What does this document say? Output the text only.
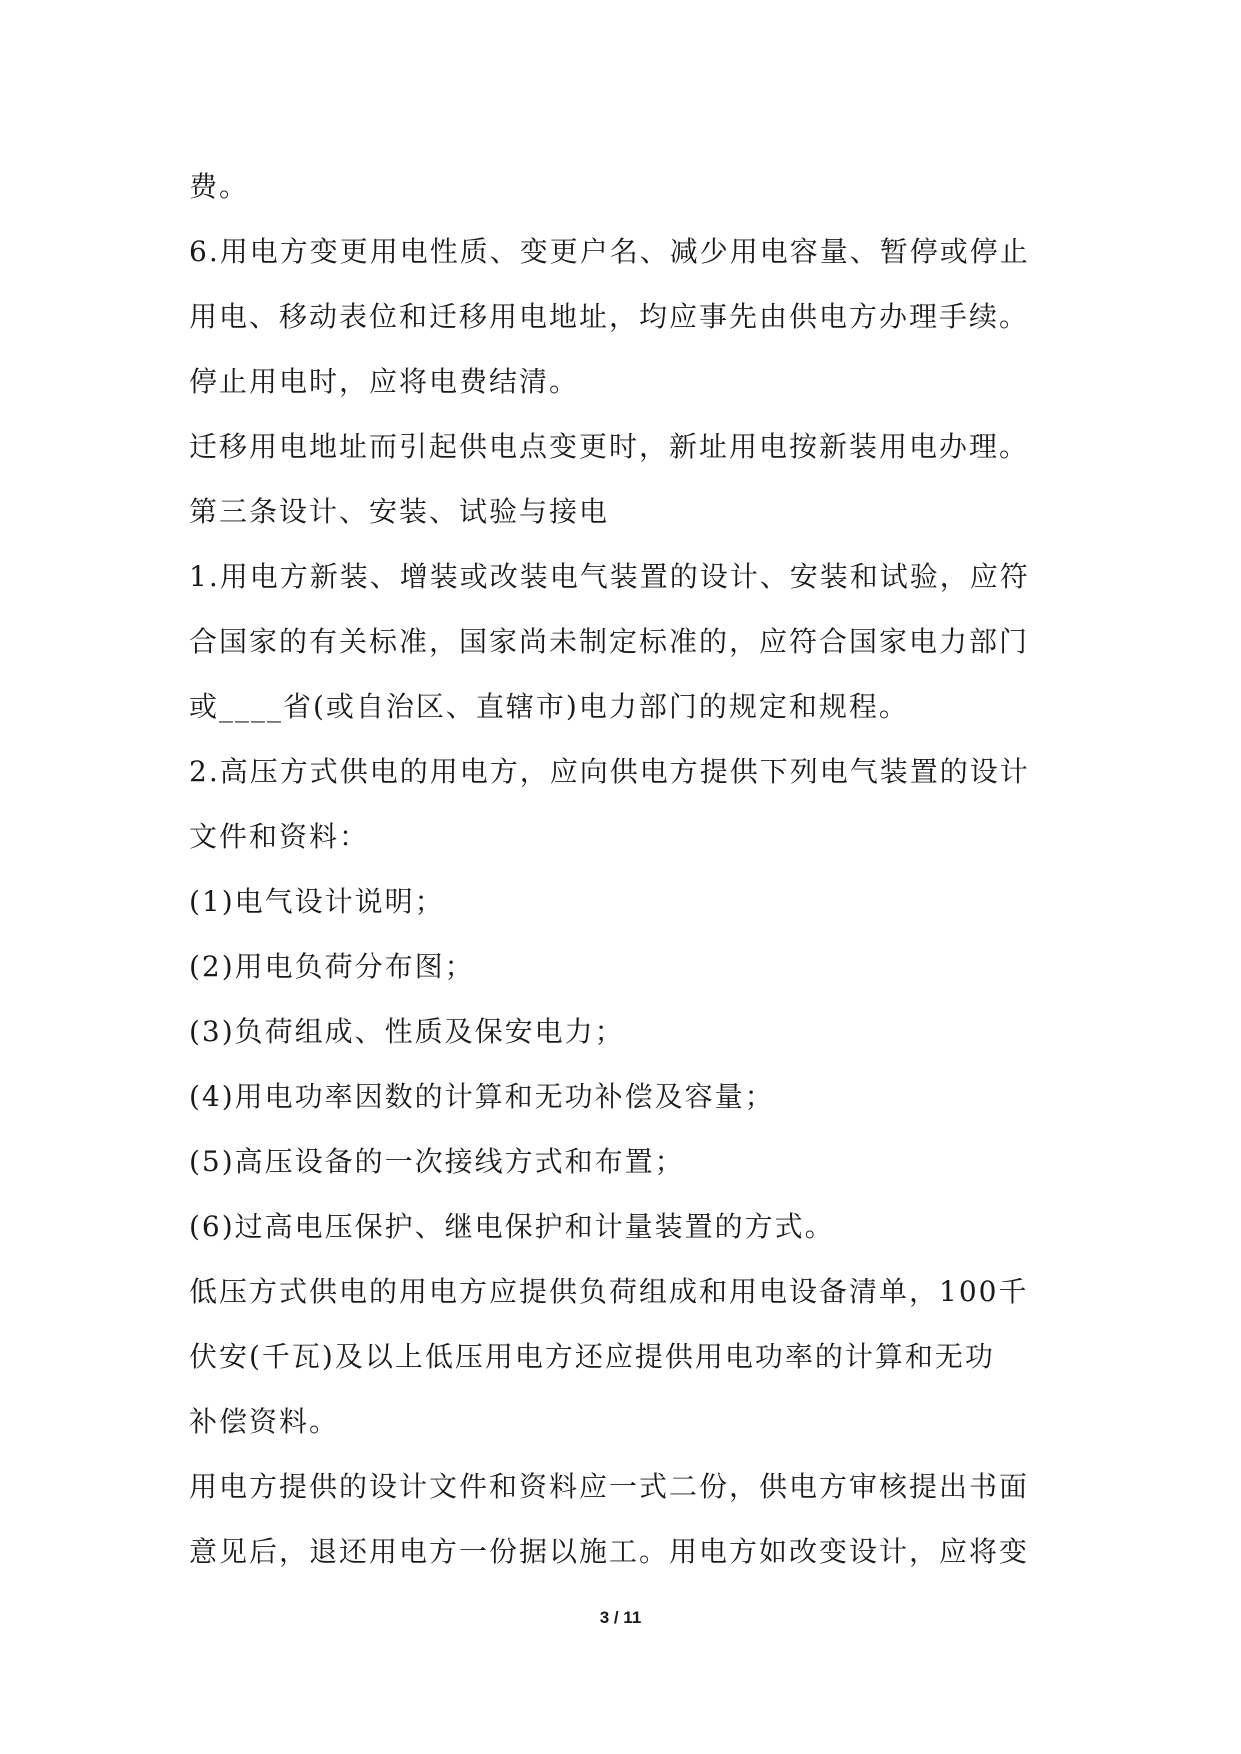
费。
6.用电方变更用电性质、变更户名、减少用电容量、暂停或停止
用电、移动表位和迁移用电地址，均应事先由供电方办理手续。
停止用电时，应将电费结清。
迁移用电地址而引起供电点变更时，新址用电按新装用电办理。
第三条设计、安装、试验与接电
1.用电方新装、增装或改装电气装置的设计、安装和试验，应符
合国家的有关标准，国家尚未制定标准的，应符合国家电力部门
或____省(或自治区、直辖市)电力部门的规定和规程。
2.高压方式供电的用电方，应向供电方提供下列电气装置的设计
文件和资料：
(1)电气设计说明；
(2)用电负荷分布图；
(3)负荷组成、性质及保安电力；
(4)用电功率因数的计算和无功补偿及容量；
(5)高压设备的一次接线方式和布置；
(6)过高电压保护、继电保护和计量装置的方式。
低压方式供电的用电方应提供负荷组成和用电设备清单，100千
伏安(千瓦)及以上低压用电方还应提供用电功率的计算和无功
补偿资料。
用电方提供的设计文件和资料应一式二份，供电方审核提出书面
意见后，退还用电方一份据以施工。用电方如改变设计，应将变
3 / 11
